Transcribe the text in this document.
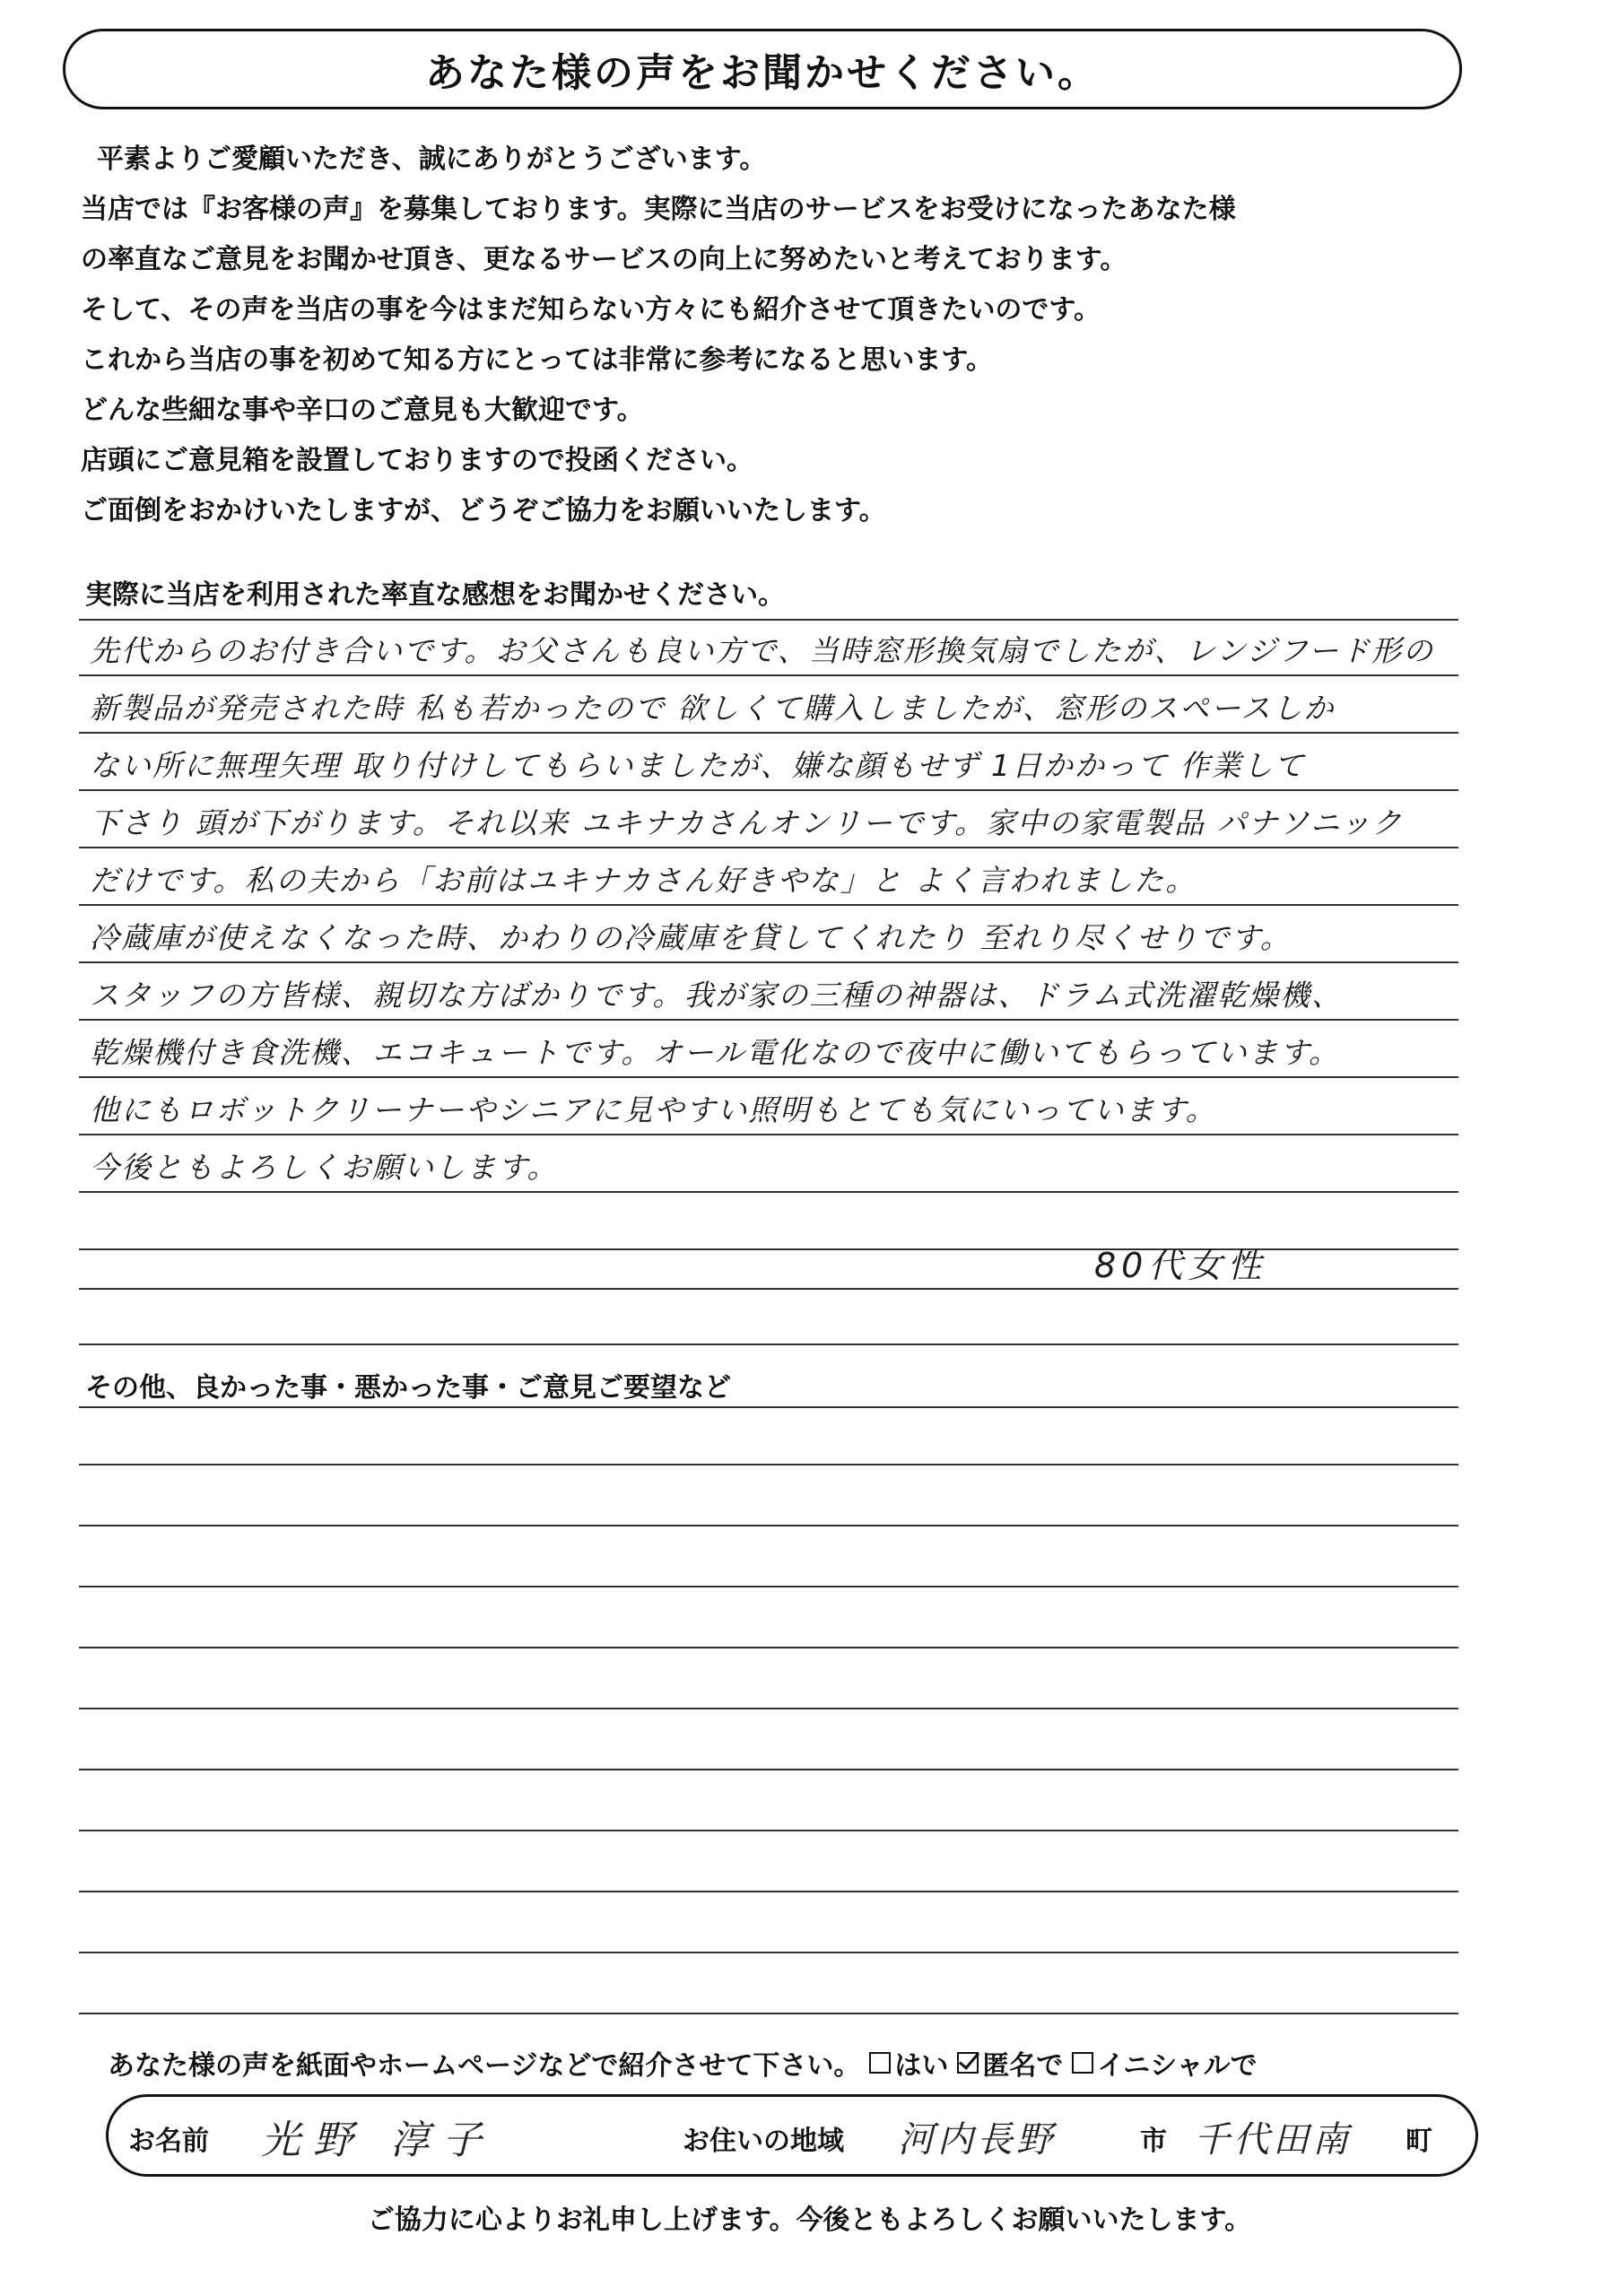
あなた様の声をお聞かせください。
平素よりご愛顧いただき、誠にありがとうございます。
当店では『お客様の声』を募集しております。実際に当店のサービスをお受けになったあなた様
の率直なご意見をお聞かせ頂き、更なるサービスの向上に努めたいと考えております。
そして、その声を当店の事を今はまだ知らない方々にも紹介させて頂きたいのです。
これから当店の事を初めて知る方にとっては非常に参考になると思います。
どんな些細な事や辛口のご意見も大歓迎です。
店頭にご意見箱を設置しておりますので投函ください。
ご面倒をおかけいたしますが、どうぞご協力をお願いいたします。
実際に当店を利用された率直な感想をお聞かせください。
先代からのお付き合いです。お父さんも良い方で、当時窓形換気扇でしたが、レンジフード形の
新製品が発売された時 私も若かったので 欲しくて購入しましたが、窓形のスペースしか
ない所に無理矢理 取り付けしてもらいましたが、嫌な顔もせず 1日かかって 作業して
下さり 頭が下がります。それ以来 ユキナカさんオンリーです。家中の家電製品 パナソニック
だけです。私の夫から「お前はユキナカさん好きやな」と よく言われました。
冷蔵庫が使えなくなった時、かわりの冷蔵庫を貸してくれたり 至れり尽くせりです。
スタッフの方皆様、親切な方ばかりです。我が家の三種の神器は、ドラム式洗濯乾燥機、
乾燥機付き食洗機、エコキュートです。オール電化なので夜中に働いてもらっています。
他にもロボットクリーナーやシニアに見やすい照明もとても気にいっています。
今後ともよろしくお願いします。
80代女性
その他、良かった事・悪かった事・ご意見ご要望など
あなた様の声を紙面やホームページなどで紹介させて下さい。 はい 匿名で イニシャルで
お名前 光野 淳子	お住いの地域 河内長野	市 千代田南 町
ご協力に心よりお礼申し上げます。今後ともよろしくお願いいたします。
